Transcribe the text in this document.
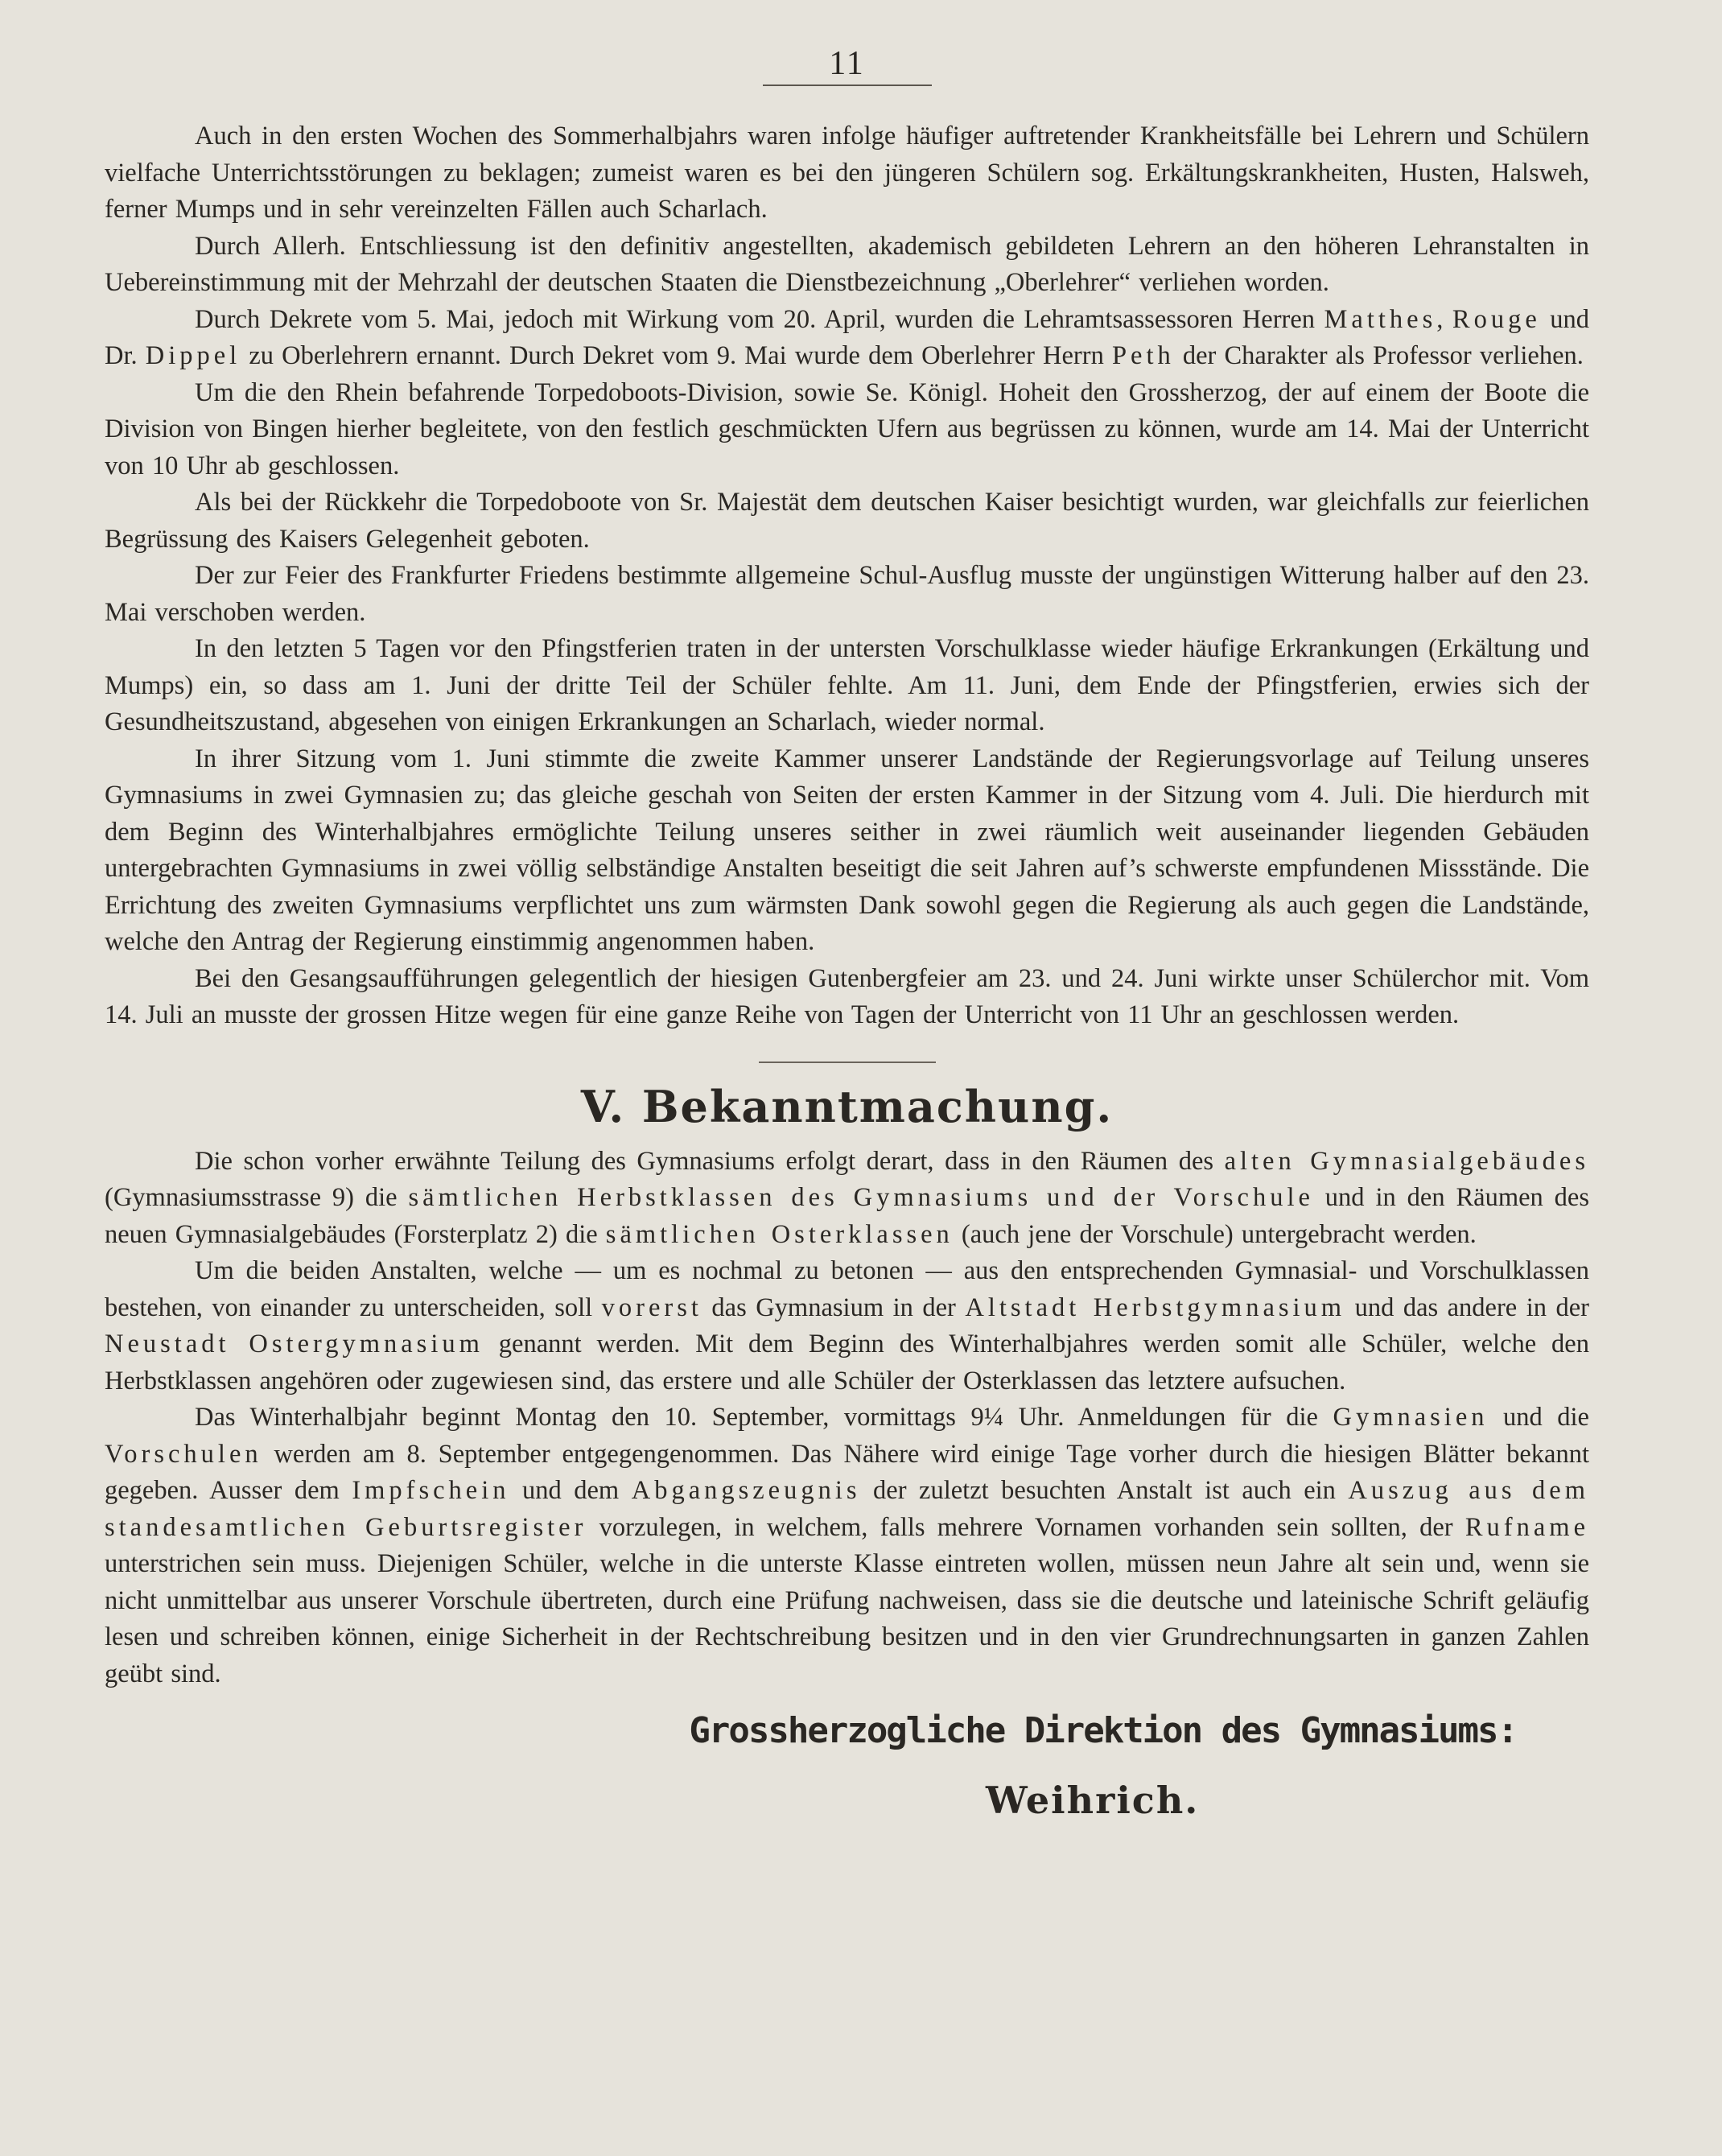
11

Auch in den ersten Wochen des Sommerhalbjahrs waren infolge häufiger auftretender Krankheitsfälle bei Lehrern und Schülern vielfache Unterrichtsstörungen zu beklagen; zumeist waren es bei den jüngeren Schülern sog. Erkältungskrankheiten, Husten, Halsweh, ferner Mumps und in sehr vereinzelten Fällen auch Scharlach.

Durch Allerh. Entschliessung ist den definitiv angestellten, akademisch gebildeten Lehrern an den höheren Lehranstalten in Uebereinstimmung mit der Mehrzahl der deutschen Staaten die Dienstbezeichnung „Oberlehrer“ verliehen worden.

Durch Dekrete vom 5. Mai, jedoch mit Wirkung vom 20. April, wurden die Lehramtsassessoren Herren Matthes, Rouge und Dr. Dippel zu Oberlehrern ernannt. Durch Dekret vom 9. Mai wurde dem Oberlehrer Herrn Peth der Charakter als Professor verliehen.

Um die den Rhein befahrende Torpedoboots-Division, sowie Se. Königl. Hoheit den Grossherzog, der auf einem der Boote die Division von Bingen hierher begleitete, von den festlich geschmückten Ufern aus begrüssen zu können, wurde am 14. Mai der Unterricht von 10 Uhr ab geschlossen.

Als bei der Rückkehr die Torpedoboote von Sr. Majestät dem deutschen Kaiser besichtigt wurden, war gleichfalls zur feierlichen Begrüssung des Kaisers Gelegenheit geboten.

Der zur Feier des Frankfurter Friedens bestimmte allgemeine Schul-Ausflug musste der ungünstigen Witterung halber auf den 23. Mai verschoben werden.

In den letzten 5 Tagen vor den Pfingstferien traten in der untersten Vorschulklasse wieder häufige Erkrankungen (Erkältung und Mumps) ein, so dass am 1. Juni der dritte Teil der Schüler fehlte. Am 11. Juni, dem Ende der Pfingstferien, erwies sich der Gesundheitszustand, abgesehen von einigen Erkrankungen an Scharlach, wieder normal.

In ihrer Sitzung vom 1. Juni stimmte die zweite Kammer unserer Landstände der Regierungsvorlage auf Teilung unseres Gymnasiums in zwei Gymnasien zu; das gleiche geschah von Seiten der ersten Kammer in der Sitzung vom 4. Juli. Die hierdurch mit dem Beginn des Winterhalbjahres ermöglichte Teilung unseres seither in zwei räumlich weit auseinander liegenden Gebäuden untergebrachten Gymnasiums in zwei völlig selbständige Anstalten beseitigt die seit Jahren auf’s schwerste empfundenen Missstände. Die Errichtung des zweiten Gymnasiums verpflichtet uns zum wärmsten Dank sowohl gegen die Regierung als auch gegen die Landstände, welche den Antrag der Regierung einstimmig angenommen haben.

Bei den Gesangsaufführungen gelegentlich der hiesigen Gutenbergfeier am 23. und 24. Juni wirkte unser Schülerchor mit. Vom 14. Juli an musste der grossen Hitze wegen für eine ganze Reihe von Tagen der Unterricht von 11 Uhr an geschlossen werden.

V. Bekanntmachung.

Die schon vorher erwähnte Teilung des Gymnasiums erfolgt derart, dass in den Räumen des alten Gymnasialgebäudes (Gymnasiumsstrasse 9) die sämtlichen Herbstklassen des Gymnasiums und der Vorschule und in den Räumen des neuen Gymnasialgebäudes (Forsterplatz 2) die sämtlichen Osterklassen (auch jene der Vorschule) untergebracht werden.

Um die beiden Anstalten, welche — um es nochmal zu betonen — aus den entsprechenden Gymnasial- und Vorschulklassen bestehen, von einander zu unterscheiden, soll vorerst das Gymnasium in der Altstadt Herbstgymnasium und das andere in der Neustadt Ostergymnasium genannt werden. Mit dem Beginn des Winterhalbjahres werden somit alle Schüler, welche den Herbstklassen angehören oder zugewiesen sind, das erstere und alle Schüler der Osterklassen das letztere aufsuchen.

Das Winterhalbjahr beginnt Montag den 10. September, vormittags 9¼ Uhr. Anmeldungen für die Gymnasien und die Vorschulen werden am 8. September entgegengenommen. Das Nähere wird einige Tage vorher durch die hiesigen Blätter bekannt gegeben. Ausser dem Impfschein und dem Abgangszeugnis der zuletzt besuchten Anstalt ist auch ein Auszug aus dem standesamtlichen Geburtsregister vorzulegen, in welchem, falls mehrere Vornamen vorhanden sein sollten, der Rufname unterstrichen sein muss. Diejenigen Schüler, welche in die unterste Klasse eintreten wollen, müssen neun Jahre alt sein und, wenn sie nicht unmittelbar aus unserer Vorschule übertreten, durch eine Prüfung nachweisen, dass sie die deutsche und lateinische Schrift geläufig lesen und schreiben können, einige Sicherheit in der Rechtschreibung besitzen und in den vier Grundrechnungsarten in ganzen Zahlen geübt sind.

Grossherzogliche Direktion des Gymnasiums:

Weihrich.
